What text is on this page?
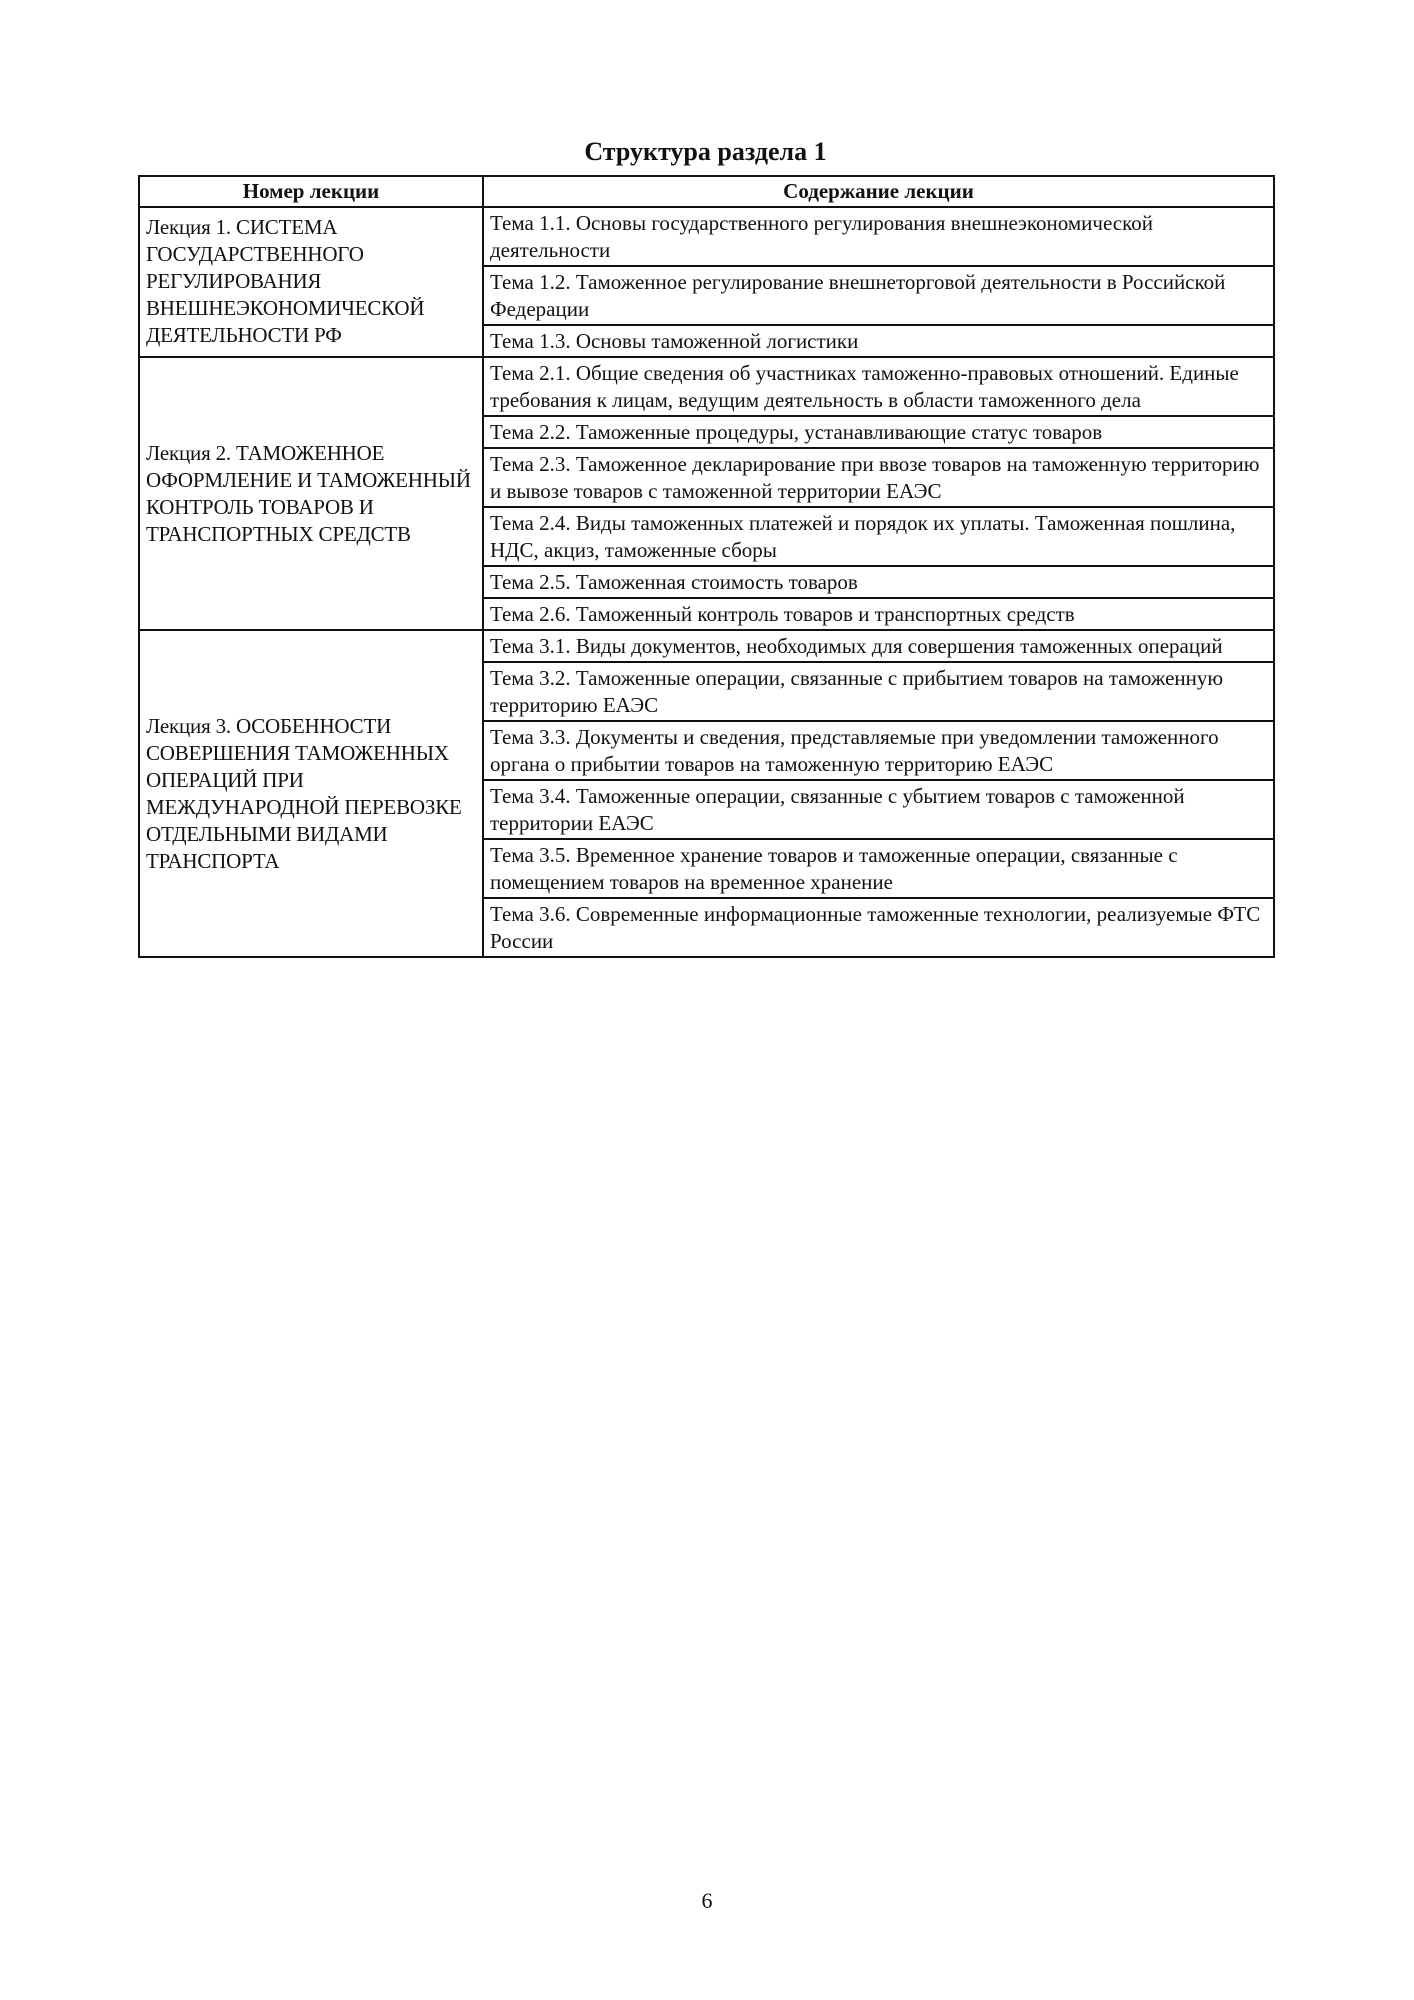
Структура раздела 1
Номер лекции	Содержание лекции
Лекция 1. СИСТЕМА ГОСУДАРСТВЕННОГО РЕГУЛИРОВАНИЯ ВНЕШНЕЭКОНОМИЧЕСКОЙ ДЕЯТЕЛЬНОСТИ РФ	Тема 1.1. Основы государственного регулирования внешнеэкономической деятельности
	Тема 1.2. Таможенное регулирование внешнеторговой деятельности в Российской Федерации
	Тема 1.3. Основы таможенной логистики
Лекция 2. ТАМОЖЕННОЕ ОФОРМЛЕНИЕ И ТАМОЖЕННЫЙ КОНТРОЛЬ ТОВАРОВ И ТРАНСПОРТНЫХ СРЕДСТВ	Тема 2.1. Общие сведения об участниках таможенно-правовых отношений. Единые требования к лицам, ведущим деятельность в области таможенного дела
	Тема 2.2. Таможенные процедуры, устанавливающие статус товаров
	Тема 2.3. Таможенное декларирование при ввозе товаров на таможенную территорию и вывозе товаров с таможенной территории ЕАЭС
	Тема 2.4. Виды таможенных платежей и порядок их уплаты. Таможенная пошлина, НДС, акциз, таможенные сборы
	Тема 2.5. Таможенная стоимость товаров
	Тема 2.6. Таможенный контроль товаров и транспортных средств
Лекция 3. ОСОБЕННОСТИ СОВЕРШЕНИЯ ТАМОЖЕННЫХ ОПЕРАЦИЙ ПРИ МЕЖДУНАРОДНОЙ ПЕРЕВОЗКЕ ОТДЕЛЬНЫМИ ВИДАМИ ТРАНСПОРТА	Тема 3.1. Виды документов, необходимых для совершения таможенных операций
	Тема 3.2. Таможенные операции, связанные с прибытием товаров на таможенную территорию ЕАЭС
	Тема 3.3. Документы и сведения, представляемые при уведомлении таможенного органа о прибытии товаров на таможенную территорию ЕАЭС
	Тема 3.4. Таможенные операции, связанные с убытием товаров с таможенной территории ЕАЭС
	Тема 3.5. Временное хранение товаров и таможенные операции, связанные с помещением товаров на временное хранение
	Тема 3.6. Современные информационные таможенные технологии, реализуемые ФТС России
6
